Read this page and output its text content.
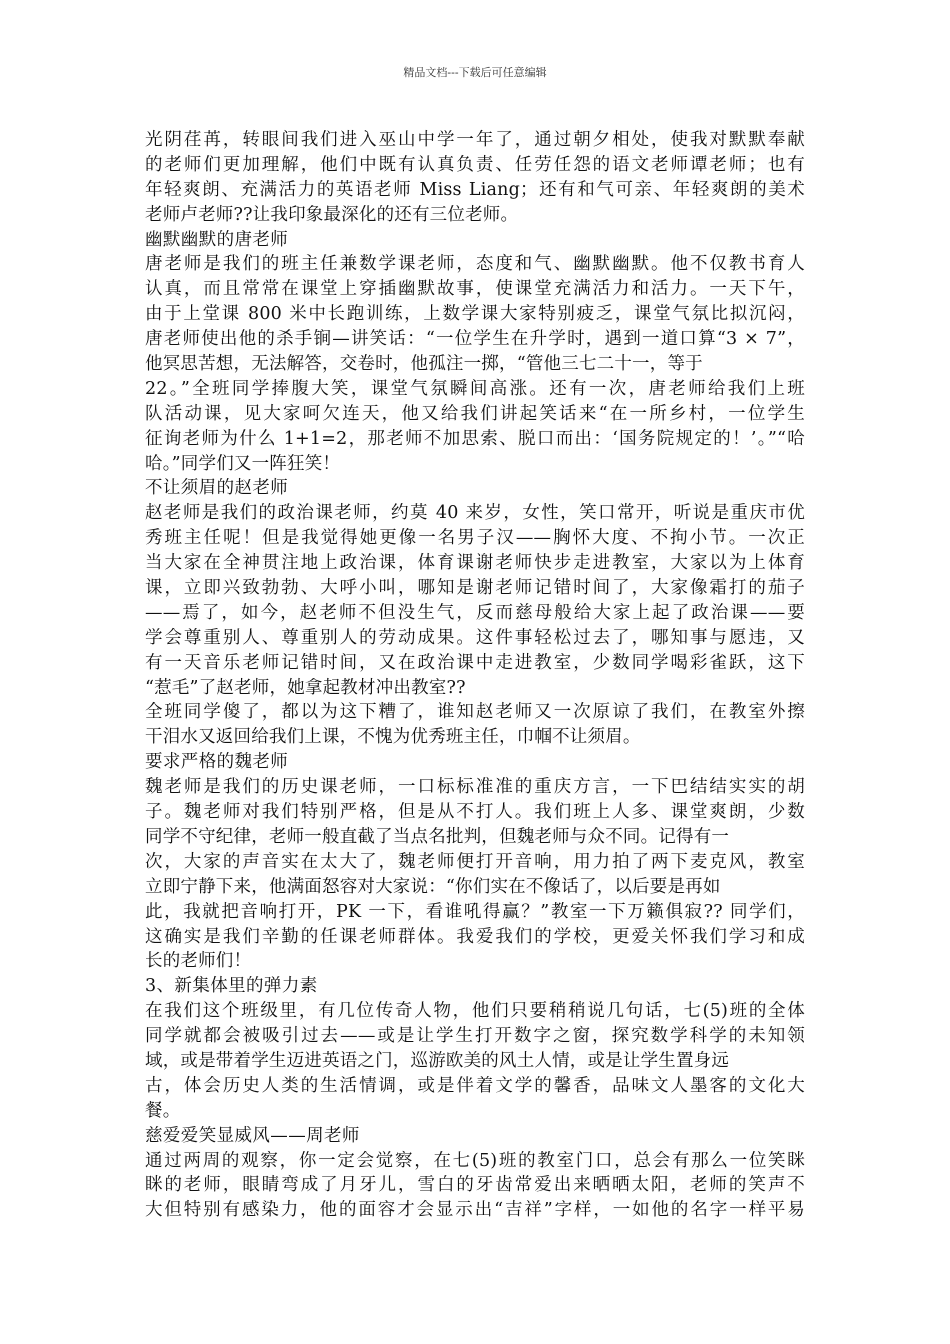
精品文档---下载后可任意编辑
光阴荏苒，转眼间我们进入巫山中学一年了，通过朝夕相处，使我对默默奉献
的老师们更加理解，他们中既有认真负责、任劳任怨的语文老师谭老师；也有
年轻爽朗、充满活力的英语老师 Miss Liang；还有和气可亲、年轻爽朗的美术
老师卢老师??让我印象最深化的还有三位老师。
幽默幽默的唐老师
唐老师是我们的班主任兼数学课老师，态度和气、幽默幽默。他不仅教书育人
认真，而且常常在课堂上穿插幽默故事，使课堂充满活力和活力。一天下午，
由于上堂课 800 米中长跑训练，上数学课大家特别疲乏，课堂气氛比拟沉闷，
唐老师使出他的杀手锏—讲笑话：“一位学生在升学时，遇到一道口算“3 × 7”，
他冥思苦想，无法解答，交卷时，他孤注一掷，“管他三七二十一，等于
22。”全班同学捧腹大笑，课堂气氛瞬间高涨。还有一次，唐老师给我们上班
队活动课，见大家呵欠连天，他又给我们讲起笑话来“在一所乡村，一位学生
征询老师为什么 1+1=2，那老师不加思索、脱口而出：‘国务院规定的！’。”“哈
哈。”同学们又一阵狂笑！
不让须眉的赵老师
赵老师是我们的政治课老师，约莫 40 来岁，女性，笑口常开，听说是重庆市优
秀班主任呢！但是我觉得她更像一名男子汉——胸怀大度、不拘小节。一次正
当大家在全神贯注地上政治课，体育课谢老师快步走进教室，大家以为上体育
课，立即兴致勃勃、大呼小叫，哪知是谢老师记错时间了，大家像霜打的茄子
——焉了，如今，赵老师不但没生气，反而慈母般给大家上起了政治课——要
学会尊重别人、尊重别人的劳动成果。这件事轻松过去了，哪知事与愿违，又
有一天音乐老师记错时间，又在政治课中走进教室，少数同学喝彩雀跃，这下
“惹毛”了赵老师，她拿起教材冲出教室??
全班同学傻了，都以为这下糟了，谁知赵老师又一次原谅了我们，在教室外擦
干泪水又返回给我们上课，不愧为优秀班主任，巾帼不让须眉。
要求严格的魏老师
魏老师是我们的历史课老师，一口标标准准的重庆方言，一下巴结结实实的胡
子。魏老师对我们特别严格，但是从不打人。我们班上人多、课堂爽朗，少数
同学不守纪律，老师一般直截了当点名批判，但魏老师与众不同。记得有一
次，大家的声音实在太大了，魏老师便打开音响，用力拍了两下麦克风，教室
立即宁静下来，他满面怒容对大家说：“你们实在不像话了，以后要是再如
此，我就把音响打开，PK 一下，看谁吼得赢？”教室一下万籁俱寂?? 同学们，
这确实是我们辛勤的任课老师群体。我爱我们的学校，更爱关怀我们学习和成
长的老师们！
3、新集体里的弹力素
在我们这个班级里，有几位传奇人物，他们只要稍稍说几句话，七(5)班的全体
同学就都会被吸引过去——或是让学生打开数字之窗，探究数学科学的未知领
域，或是带着学生迈进英语之门，巡游欧美的风土人情，或是让学生置身远
古，体会历史人类的生活情调，或是伴着文学的馨香，品味文人墨客的文化大
餐。
慈爱爱笑显威风——周老师
通过两周的观察，你一定会觉察，在七(5)班的教室门口，总会有那么一位笑眯
眯的老师，眼睛弯成了月牙儿，雪白的牙齿常爱出来晒晒太阳，老师的笑声不
大但特别有感染力，他的面容才会显示出“吉祥”字样，一如他的名字一样平易
